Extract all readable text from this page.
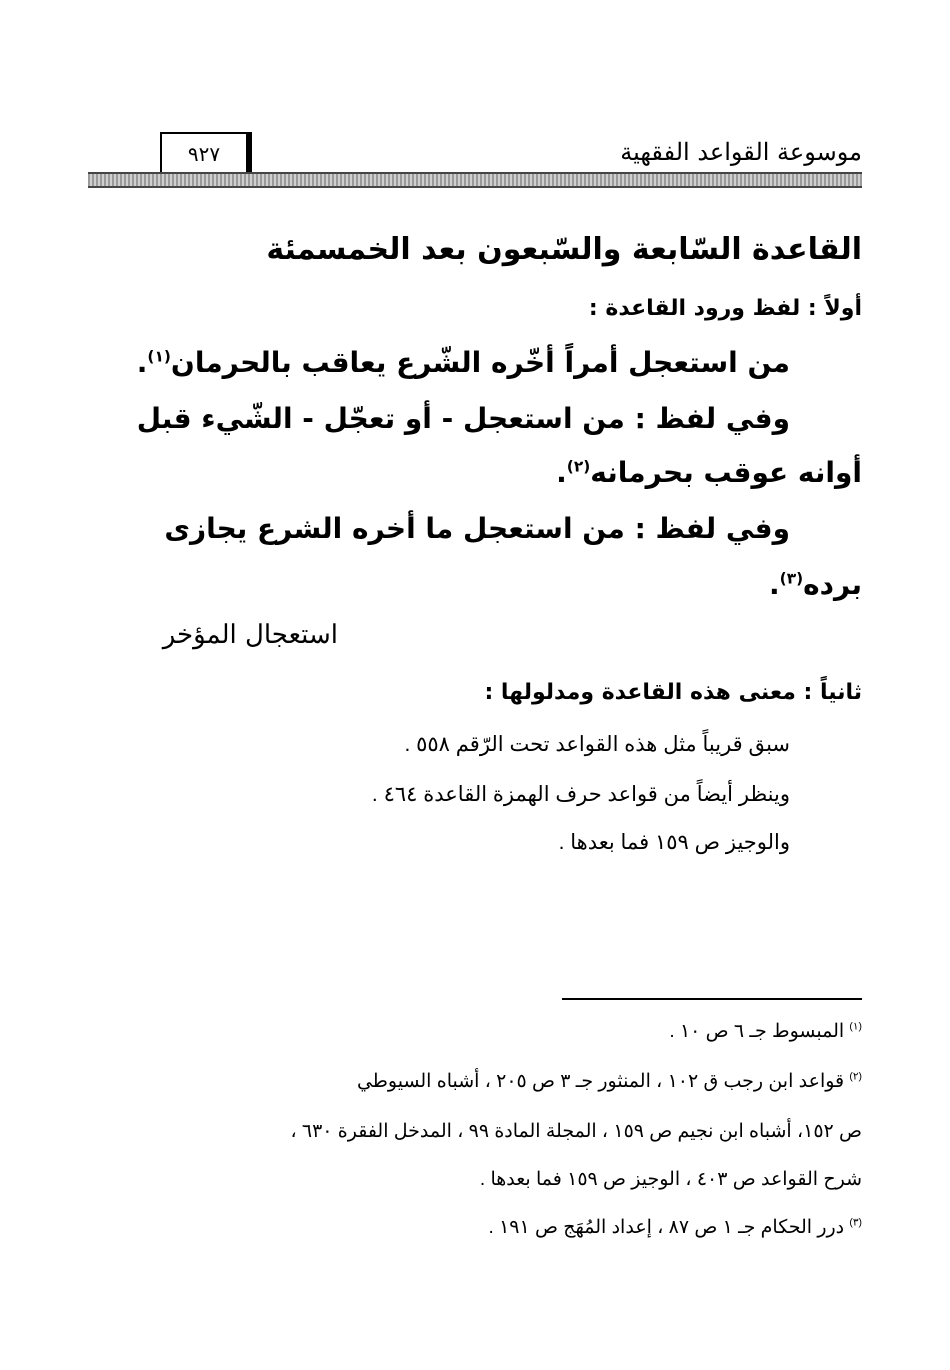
موسوعة القواعد الفقهية
٩٢٧
القاعدة السّابعة والسّبعون بعد الخمسمئة
أولاً : لفظ ورود القاعدة :
من استعجل أمراً أخّره الشّرع يعاقب بالحرمان$^{(١)}$.
وفي لفظ : من استعجل - أو تعجّل - الشّيء قبل
أوانه عوقب بحرمانه$^{(٢)}$.
وفي لفظ : من استعجل ما أخره الشرع يجازى
برده$^{(٣)}$.
استعجال المؤخر
ثانياً : معنى هذه القاعدة ومدلولها :
سبق قريباً مثل هذه القواعد تحت الرّقم ٥٥٨ .
وينظر أيضاً من قواعد حرف الهمزة القاعدة ٤٦٤ .
والوجيز ص ١٥٩ فما بعدها .
$^{(١)}$ المبسوط جـ ٦ ص ١٠ .
$^{(٢)}$ قواعد ابن رجب ق ١٠٢ ، المنثور جـ ٣ ص ٢٠٥ ، أشباه السيوطي
ص ١٥٢، أشباه ابن نجيم ص ١٥٩ ، المجلة المادة ٩٩ ، المدخل الفقرة ٦٣٠ ،
شرح القواعد ص ٤٠٣ ، الوجيز ص ١٥٩ فما بعدها .
$^{(٣)}$ درر الحكام جـ ١ ص ٨٧ ، إعداد المُهَج ص ١٩١ .
